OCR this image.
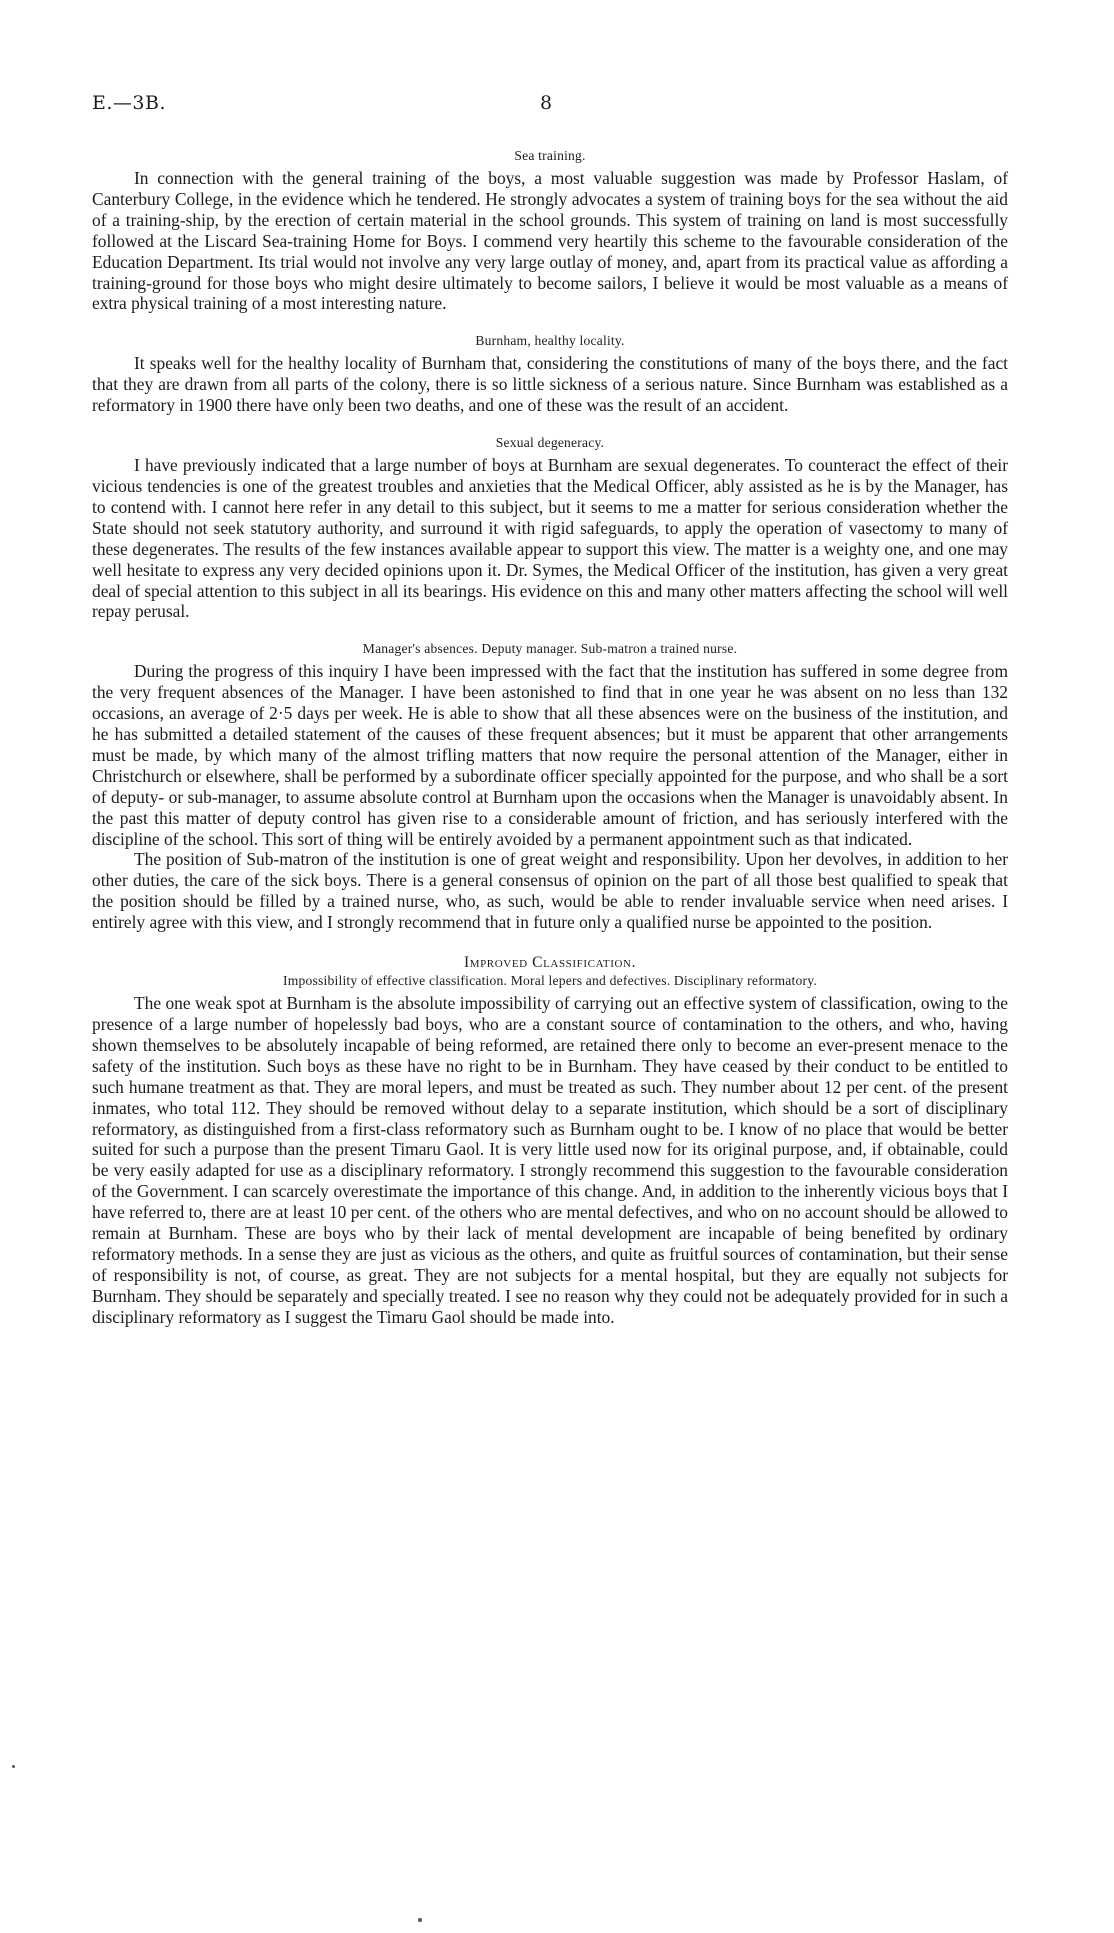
E.—3B.	8
Sea training.

In connection with the general training of the boys, a most valuable suggestion was made by Professor Haslam, of Canterbury College, in the evidence which he tendered. He strongly advocates a system of training boys for the sea without the aid of a training-ship, by the erection of certain material in the school grounds. This system of training on land is most successfully followed at the Liscard Sea-training Home for Boys. I commend very heartily this scheme to the favourable consideration of the Education Department. Its trial would not involve any very large outlay of money, and, apart from its practical value as affording a training-ground for those boys who might desire ultimately to become sailors, I believe it would be most valuable as a means of extra physical training of a most interesting nature.

Burnham, healthy locality.

It speaks well for the healthy locality of Burnham that, considering the constitutions of many of the boys there, and the fact that they are drawn from all parts of the colony, there is so little sickness of a serious nature. Since Burnham was established as a reformatory in 1900 there have only been two deaths, and one of these was the result of an accident.

Sexual degeneracy.

I have previously indicated that a large number of boys at Burnham are sexual degenerates. To counteract the effect of their vicious tendencies is one of the greatest troubles and anxieties that the Medical Officer, ably assisted as he is by the Manager, has to contend with. I cannot here refer in any detail to this subject, but it seems to me a matter for serious consideration whether the State should not seek statutory authority, and surround it with rigid safeguards, to apply the operation of vasectomy to many of these degenerates. The results of the few instances available appear to support this view. The matter is a weighty one, and one may well hesitate to express any very decided opinions upon it. Dr. Symes, the Medical Officer of the institution, has given a very great deal of special attention to this subject in all its bearings. His evidence on this and many other matters affecting the school will well repay perusal.

Manager's absences. Deputy manager. Sub-matron a trained nurse.

During the progress of this inquiry I have been impressed with the fact that the institution has suffered in some degree from the very frequent absences of the Manager. I have been astonished to find that in one year he was absent on no less than 132 occasions, an average of 2·5 days per week. He is able to show that all these absences were on the business of the institution, and he has submitted a detailed statement of the causes of these frequent absences; but it must be apparent that other arrangements must be made, by which many of the almost trifling matters that now require the personal attention of the Manager, either in Christchurch or elsewhere, shall be performed by a subordinate officer specially appointed for the purpose, and who shall be a sort of deputy- or sub-manager, to assume absolute control at Burnham upon the occasions when the Manager is unavoidably absent. In the past this matter of deputy control has given rise to a considerable amount of friction, and has seriously interfered with the discipline of the school. This sort of thing will be entirely avoided by a permanent appointment such as that indicated.

The position of Sub-matron of the institution is one of great weight and responsibility. Upon her devolves, in addition to her other duties, the care of the sick boys. There is a general consensus of opinion on the part of all those best qualified to speak that the position should be filled by a trained nurse, who, as such, would be able to render invaluable service when need arises. I entirely agree with this view, and I strongly recommend that in future only a qualified nurse be appointed to the position.

Improved Classification.
Impossibility of effective classification. Moral lepers and defectives. Disciplinary reformatory.

The one weak spot at Burnham is the absolute impossibility of carrying out an effective system of classification, owing to the presence of a large number of hopelessly bad boys, who are a constant source of contamination to the others, and who, having shown themselves to be absolutely incapable of being reformed, are retained there only to become an ever-present menace to the safety of the institution. Such boys as these have no right to be in Burnham. They have ceased by their conduct to be entitled to such humane treatment as that. They are moral lepers, and must be treated as such. They number about 12 per cent. of the present inmates, who total 112. They should be removed without delay to a separate institution, which should be a sort of disciplinary reformatory, as distinguished from a first-class reformatory such as Burnham ought to be. I know of no place that would be better suited for such a purpose than the present Timaru Gaol. It is very little used now for its original purpose, and, if obtainable, could be very easily adapted for use as a disciplinary reformatory. I strongly recommend this suggestion to the favourable consideration of the Government. I can scarcely overestimate the importance of this change. And, in addition to the inherently vicious boys that I have referred to, there are at least 10 per cent. of the others who are mental defectives, and who on no account should be allowed to remain at Burnham. These are boys who by their lack of mental development are incapable of being benefited by ordinary reformatory methods. In a sense they are just as vicious as the others, and quite as fruitful sources of contamination, but their sense of responsibility is not, of course, as great. They are not subjects for a mental hospital, but they are equally not subjects for Burnham. They should be separately and specially treated. I see no reason why they could not be adequately provided for in such a disciplinary reformatory as I suggest the Timaru Gaol should be made into.
